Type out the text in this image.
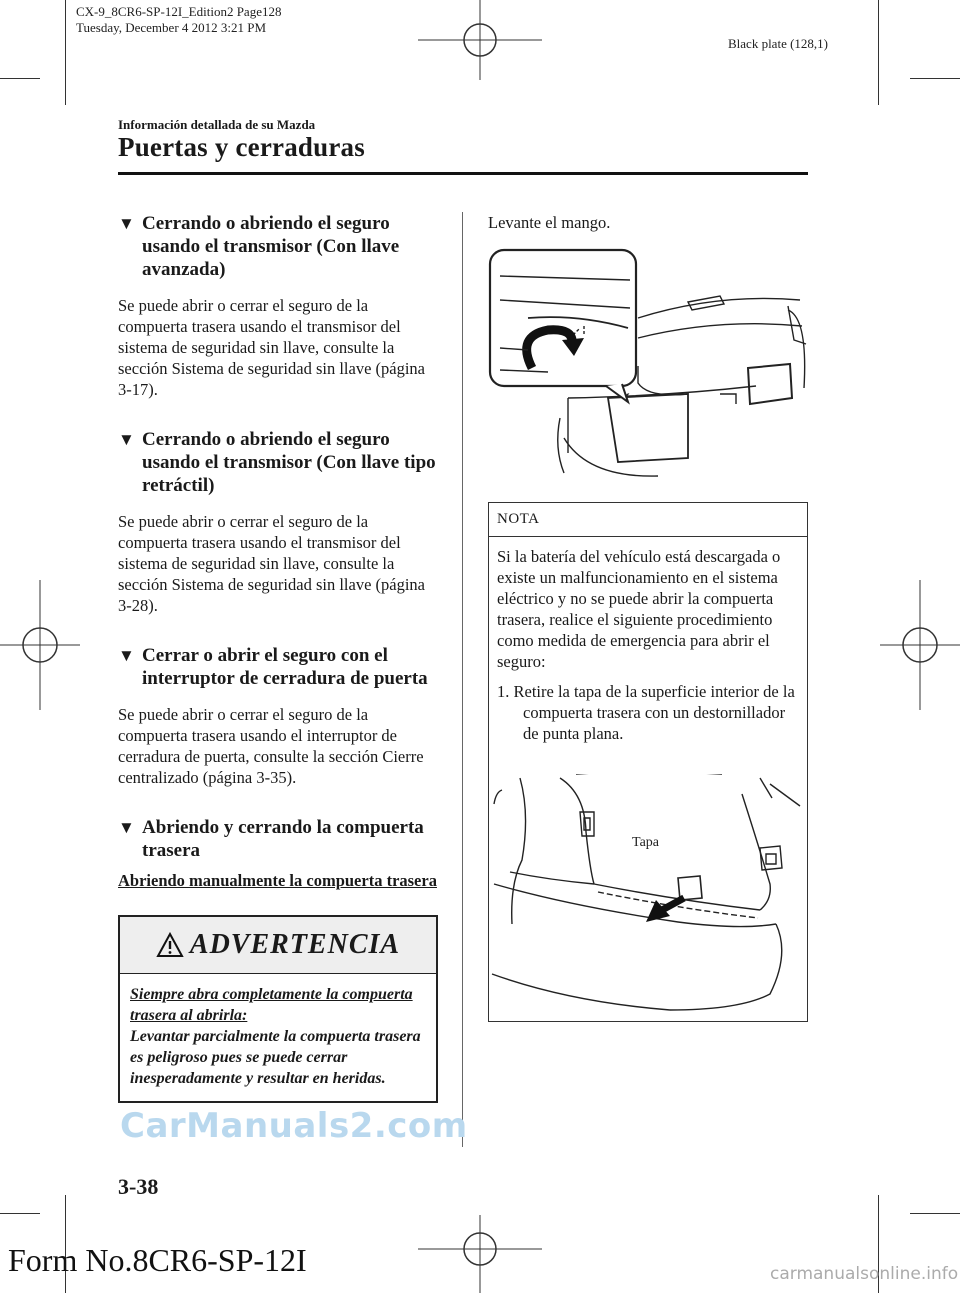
CX-9_8CR6-SP-12I_Edition2 Page128
Tuesday, December 4 2012 3:21 PM
Black plate (128,1)
Información detallada de su Mazda
Puertas y cerraduras
▼ Cerrando o abriendo el seguro usando el transmisor (Con llave avanzada)

Se puede abrir o cerrar el seguro de la compuerta trasera usando el transmisor del sistema de seguridad sin llave, consulte la sección Sistema de seguridad sin llave (página 3-17).

▼ Cerrando o abriendo el seguro usando el transmisor (Con llave tipo retráctil)

Se puede abrir o cerrar el seguro de la compuerta trasera usando el transmisor del sistema de seguridad sin llave, consulte la sección Sistema de seguridad sin llave (página 3-28).

▼ Cerrar o abrir el seguro con el interruptor de cerradura de puerta

Se puede abrir o cerrar el seguro de la compuerta trasera usando el interruptor de cerradura de puerta, consulte la sección Cierre centralizado (página 3-35).

▼ Abriendo y cerrando la compuerta trasera
Abriendo manualmente la compuerta trasera
ADVERTENCIA
Siempre abra completamente la compuerta trasera al abrirla:
Levantar parcialmente la compuerta trasera es peligroso pues se puede cerrar inesperadamente y resultar en heridas.

Levante el mango.

NOTA
Si la batería del vehículo está descargada o existe un malfuncionamiento en el sistema eléctrico y no se puede abrir la compuerta trasera, realice el siguiente procedimiento como medida de emergencia para abrir el seguro:
1. Retire la tapa de la superficie interior de la compuerta trasera con un destornillador de punta plana.
Tapa
3-38
CarManuals2.com
Form No.8CR6-SP-12I	carmanualsonline.info
